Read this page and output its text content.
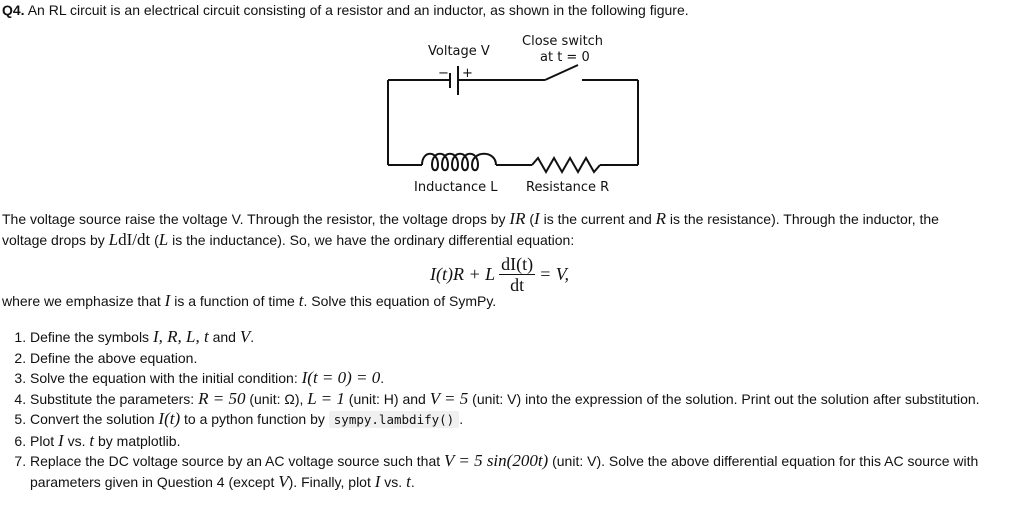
Q4. An RL circuit is an electrical circuit consisting of a resistor and an inductor, as shown in the following figure.
Voltage V
Close switch
at t = 0
− +
Inductance L Resistance R
The voltage source raise the voltage V. Through the resistor, the voltage drops by IR (I is the current and R is the resistance). Through the inductor, the
voltage drops by LdI/dt (L is the inductance). So, we have the ordinary differential equation:
I(t)R + L $\frac{dI(t)}{dt} = V$,
where we emphasize that I is a function of time t. Solve this equation of SymPy.
1. Define the symbols I, R, L, t and V.
2. Define the above equation.
3. Solve the equation with the initial condition: I(t = 0) = 0.
4. Substitute the parameters: R = 50 (unit: Ω), L = 1 (unit: H) and V = 5 (unit: V) into the expression of the solution. Print out the solution after substitution.
5. Convert the solution I(t) to a python function by sympy.lambdify() .
6. Plot I vs. t by matplotlib.
7. Replace the DC voltage source by an AC voltage source such that V = 5 sin(200t) (unit: V). Solve the above differential equation for this AC source with parameters given in Question 4 (except V). Finally, plot I vs. t.
